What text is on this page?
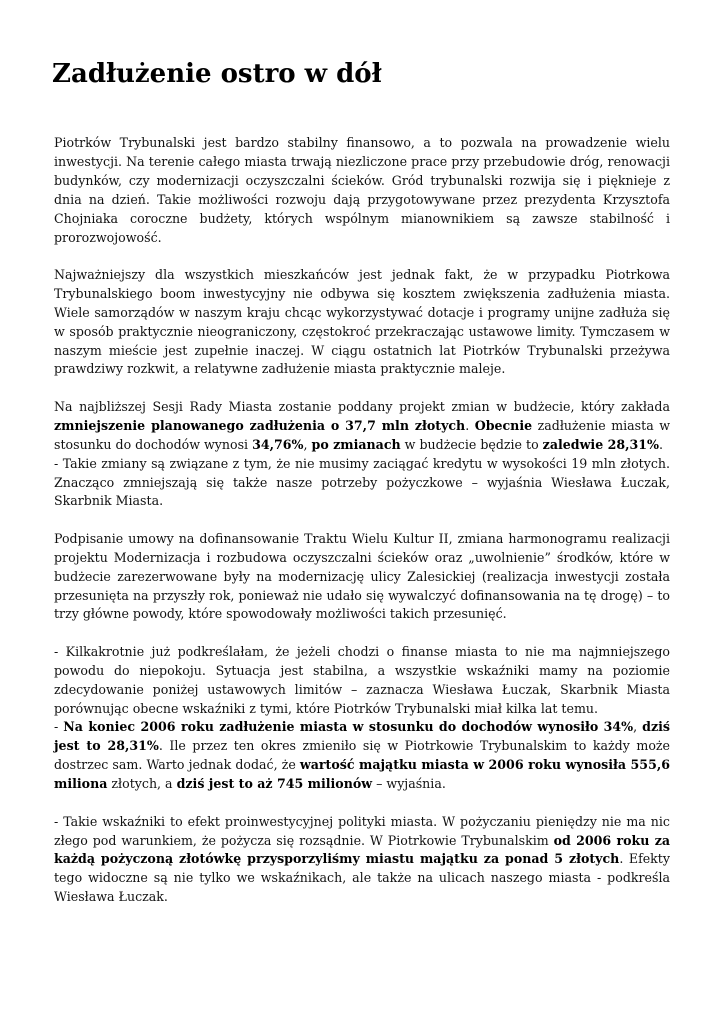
Zadłużenie ostro w dół

Piotrków Trybunalski jest bardzo stabilny finansowo, a to pozwala na prowadzenie wielu inwestycji. Na terenie całego miasta trwają niezliczone prace przy przebudowie dróg, renowacji budynków, czy modernizacji oczyszczalni ścieków. Gród trybunalski rozwija się i pięknieje z dnia na dzień. Takie możliwości rozwoju dają przygotowywane przez prezydenta Krzysztofa Chojniaka coroczne budżety, których wspólnym mianownikiem są zawsze stabilność i prorozwojowość.

Najważniejszy dla wszystkich mieszkańców jest jednak fakt, że w przypadku Piotrkowa Trybunalskiego boom inwestycyjny nie odbywa się kosztem zwiększenia zadłużenia miasta. Wiele samorządów w naszym kraju chcąc wykorzystywać dotacje i programy unijne zadłuża się w sposób praktycznie nieograniczony, częstokroć przekraczając ustawowe limity. Tymczasem w naszym mieście jest zupełnie inaczej. W ciągu ostatnich lat Piotrków Trybunalski przeżywa prawdziwy rozkwit, a relatywne zadłużenie miasta praktycznie maleje.

Na najbliższej Sesji Rady Miasta zostanie poddany projekt zmian w budżecie, który zakłada zmniejszenie planowanego zadłużenia o 37,7 mln złotych. Obecnie zadłużenie miasta w stosunku do dochodów wynosi 34,76%, po zmianach w budżecie będzie to zaledwie 28,31%.
- Takie zmiany są związane z tym, że nie musimy zaciągać kredytu w wysokości 19 mln złotych. Znacząco zmniejszają się także nasze potrzeby pożyczkowe – wyjaśnia Wiesława Łuczak, Skarbnik Miasta.

Podpisanie umowy na dofinansowanie Traktu Wielu Kultur II, zmiana harmonogramu realizacji projektu Modernizacja i rozbudowa oczyszczalni ścieków oraz „uwolnienie” środków, które w budżecie zarezerwowane były na modernizację ulicy Zalesickiej (realizacja inwestycji została przesunięta na przyszły rok, ponieważ nie udało się wywalczyć dofinansowania na tę drogę) – to trzy główne powody, które spowodowały możliwości takich przesunięć.

- Kilkakrotnie już podkreślałam, że jeżeli chodzi o finanse miasta to nie ma najmniejszego powodu do niepokoju. Sytuacja jest stabilna, a wszystkie wskaźniki mamy na poziomie zdecydowanie poniżej ustawowych limitów – zaznacza Wiesława Łuczak, Skarbnik Miasta porównując obecne wskaźniki z tymi, które Piotrków Trybunalski miał kilka lat temu.
- Na koniec 2006 roku zadłużenie miasta w stosunku do dochodów wynosiło 34%, dziś jest to 28,31%. Ile przez ten okres zmieniło się w Piotrkowie Trybunalskim to każdy może dostrzec sam. Warto jednak dodać, że wartość majątku miasta w 2006 roku wynosiła 555,6 miliona złotych, a dziś jest to aż 745 milionów – wyjaśnia.

- Takie wskaźniki to efekt proinwestycyjnej polityki miasta. W pożyczaniu pieniędzy nie ma nic złego pod warunkiem, że pożycza się rozsądnie. W Piotrkowie Trybunalskim od 2006 roku za każdą pożyczoną złotówkę przysporzyliśmy miastu majątku za ponad 5 złotych. Efekty tego widoczne są nie tylko we wskaźnikach, ale także na ulicach naszego miasta - podkreśla Wiesława Łuczak.
